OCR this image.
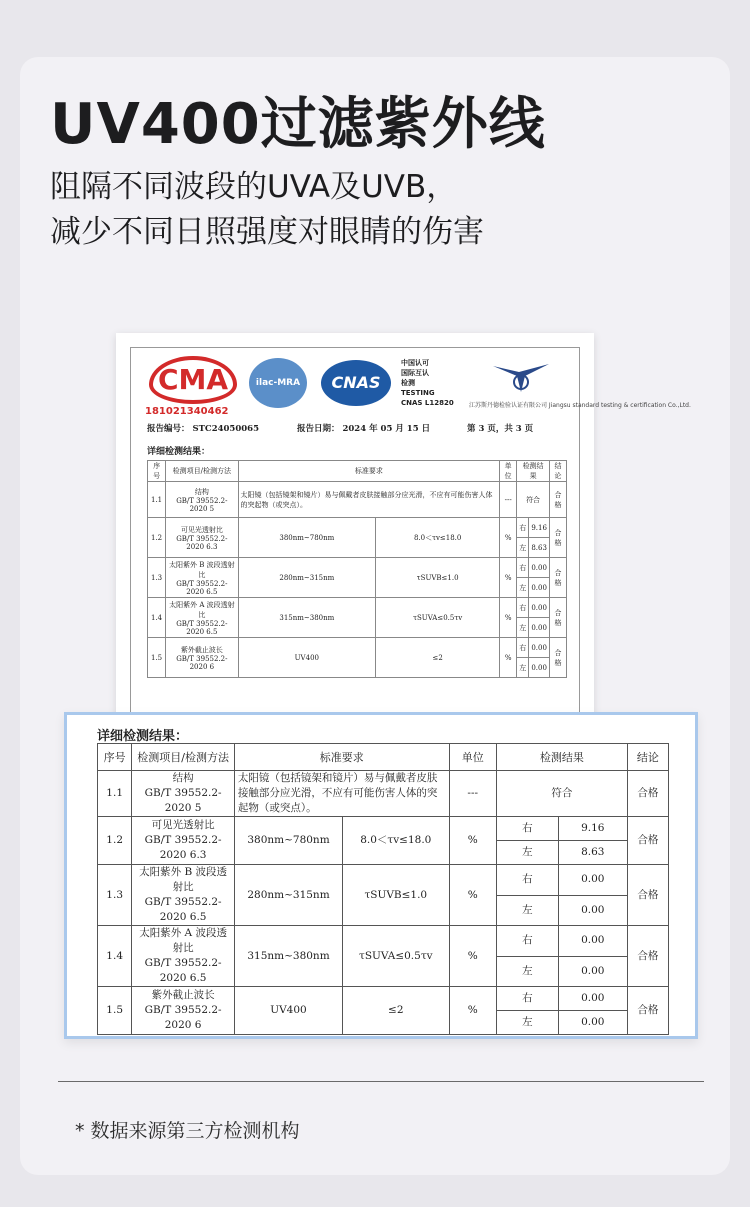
UV400过滤紫外线
阻隔不同波段的UVA及UVB，
减少不同日照强度对眼睛的伤害
CMA
181021340462
ilac-MRA	CNAS
中国认可
国际互认
检测
TESTING
CNAS L12820	江苏斯丹德检验认证有限公司 Jiangsu standard testing & certification Co.,Ltd.
报告编号： STC24050065	报告日期： 2024 年 05 月 15 日	第 3 页，共 3 页
详细检测结果：
序号	检测项目/检测方法	标准要求		单位	检测结果		结论
1.1	结构
GB/T 39552.2-2020 5	太阳镜（包括镜架和镜片）易与佩戴者皮肤接触部分应光滑，不应有可能伤害人体的突起物（或突点）。		---	符合		合格
1.2	可见光透射比
GB/T 39552.2-2020 6.3	380nm~780nm	8.0＜τv≤18.0	%	右	9.16	合格
					左	8.63	
1.3	太阳紫外 B 波段透射比
GB/T 39552.2-2020 6.5	280nm~315nm	τSUVB≤1.0	%	右	0.00	合格
					左	0.00	
1.4	太阳紫外 A 波段透射比
GB/T 39552.2-2020 6.5	315nm~380nm	τSUVA≤0.5τv	%	右	0.00	合格
					左	0.00	
1.5	紫外截止波长
GB/T 39552.2-2020 6	UV400	≤2	%	右	0.00	合格
					左	0.00	
详细检测结果：
序号	检测项目/检测方法	标准要求		单位	检测结果		结论
1.1	结构
GB/T 39552.2-2020 5	太阳镜（包括镜架和镜片）易与佩戴者皮肤接触部分应光滑，不应有可能伤害人体的突起物（或突点）。		---	符合		合格
1.2	可见光透射比
GB/T 39552.2-2020 6.3	380nm~780nm	8.0＜τv≤18.0	%	右	9.16	合格
					左	8.63	
1.3	太阳紫外 B 波段透射比
GB/T 39552.2-2020 6.5	280nm~315nm	τSUVB≤1.0	%	右	0.00	合格
					左	0.00	
1.4	太阳紫外 A 波段透射比
GB/T 39552.2-2020 6.5	315nm~380nm	τSUVA≤0.5τv	%	右	0.00	合格
					左	0.00	
1.5	紫外截止波长
GB/T 39552.2-2020 6	UV400	≤2	%	右	0.00	合格
					左	0.00	
* 数据来源第三方检测机构
